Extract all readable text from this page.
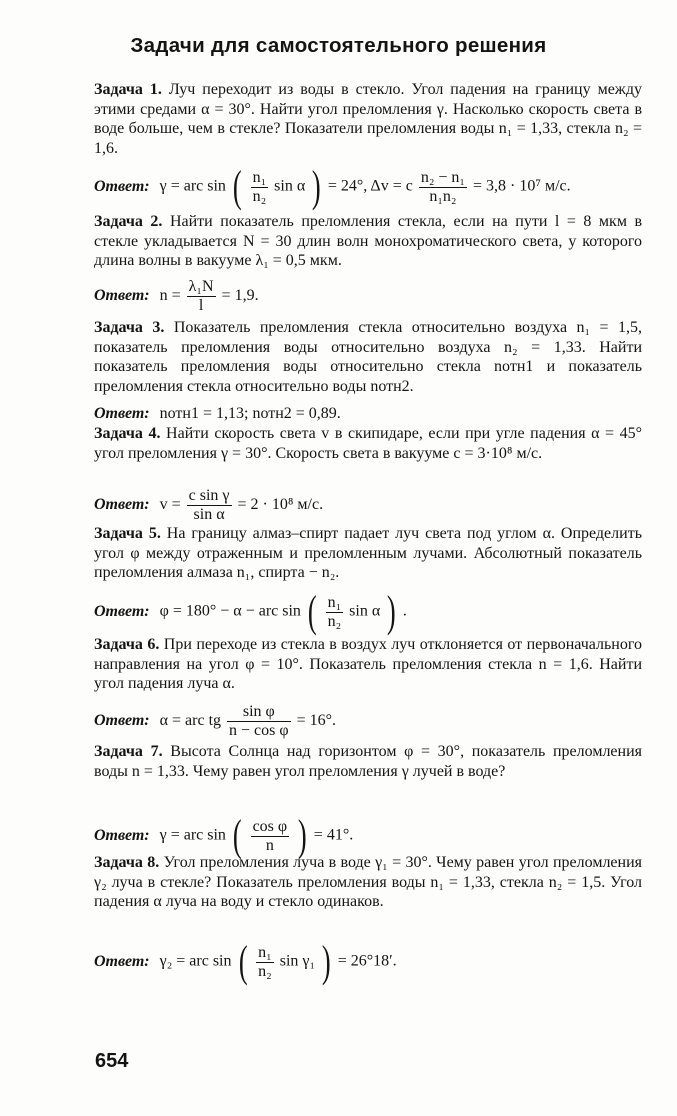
Задачи для самостоятельного решения
Задача 1. Луч переходит из воды в стекло. Угол падения на границу между этими средами α = 30°. Найти угол преломления γ. Насколько скорость света в воде больше, чем в стекле? Показатели преломления воды n₁ = 1,33, стекла n₂ = 1,6.
Ответ: γ = arc sin ( $\frac{\text{n₁}}{\text{n₂}}$ sin α ) = 24°, Δv = c $\frac{\text{n₂ − n₁}}{\text{n₁n₂}} = 3,8 \cdot 10^7$ м/с.
Задача 2. Найти показатель преломления стекла, если на пути l = 8 мкм в стекле укладывается N = 30 длин волн монохроматического света, у которого длина волны в вакууме λ₁ = 0,5 мкм.
Ответ: $n = \frac{\text{λ₁N}}{l} = 1,9$.
Задача 3. Показатель преломления стекла относительно воздуха n₁ = 1,5, показатель преломления воды относительно воздуха n₂ = 1,33. Найти показатель преломления воды относительно стекла nотн1 и показатель преломления стекла относительно воды nотн2.
Ответ: nотн1 = 1,13; nотн2 = 0,89.
Задача 4. Найти скорость света v в скипидаре, если при угле падения α = 45° угол преломления γ = 30°. Скорость света в вакууме c = 3·10⁸ м/с.
Ответ: $v = \frac{\text{c sin γ}}{\text{sin α}} = 2 \cdot 10^8$ м/с.
Задача 5. На границу алмаз–спирт падает луч света под углом α. Определить угол φ между отраженным и преломленным лучами. Абсолютный показатель преломления алмаза n₁, спирта − n₂.
Ответ: φ = 180° − α − arc sin ( $\frac{\text{n₁}}{\text{n₂}}$ sin α ) .
Задача 6. При переходе из стекла в воздух луч отклоняется от первоначального направления на угол φ = 10°. Показатель преломления стекла n = 1,6. Найти угол падения луча α.
Ответ: α = arc tg $\frac{\text{sin φ}}{\text{n − cos φ}} = 16^\circ$.
Задача 7. Высота Солнца над горизонтом φ = 30°, показатель преломления воды n = 1,33. Чему равен угол преломления γ лучей в воде?
Ответ: γ = arc sin ( $\frac{\text{cos φ}}{n}$ ) = 41°.
Задача 8. Угол преломления луча в воде γ₁ = 30°. Чему равен угол преломления γ₂ луча в стекле? Показатель преломления воды n₁ = 1,33, стекла n₂ = 1,5. Угол падения α луча на воду и стекло одинаков.
Ответ: γ₂ = arc sin ( $\frac{\text{n₁}}{\text{n₂}}$ sin γ₁ ) = 26°18′.
654
